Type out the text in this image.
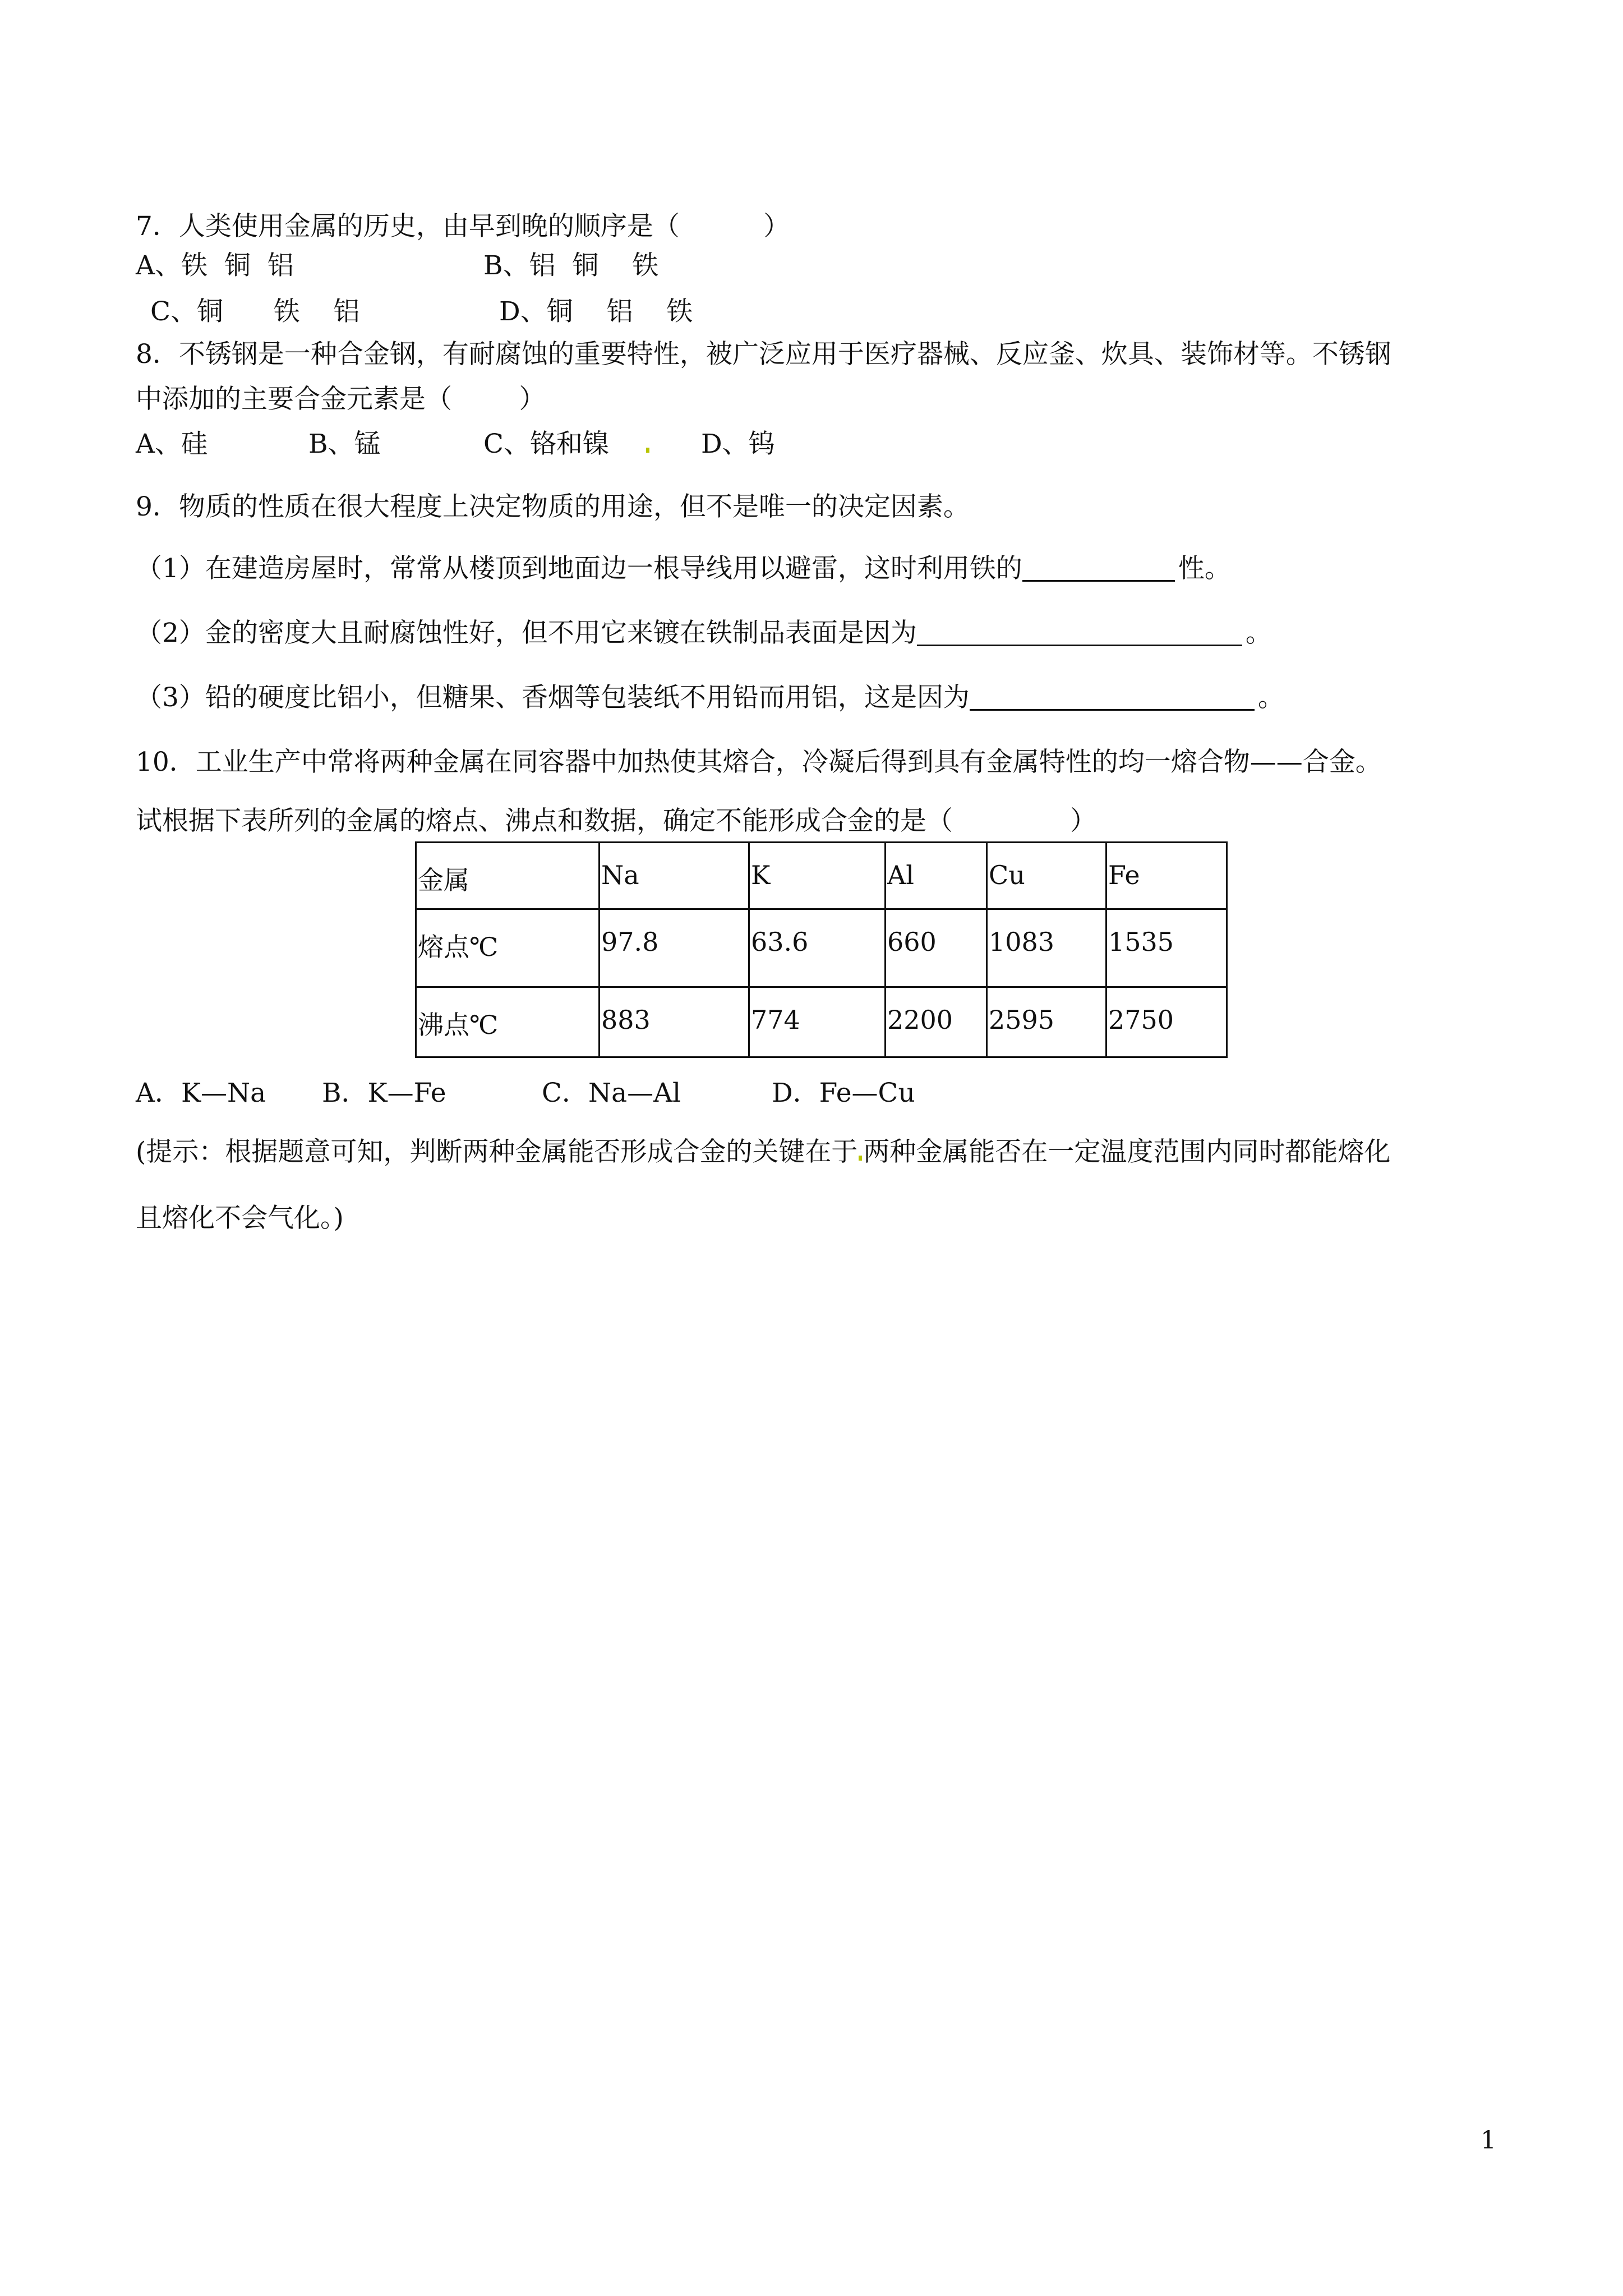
7．人类使用金属的历史，由早到晚的顺序是（          ）
A、铁  铜  铝	B、铝  铜    铁
C、铜      铁    铝	D、铜    铝    铁
8．不锈钢是一种合金钢，有耐腐蚀的重要特性，被广泛应用于医疗器械、反应釜、炊具、装饰材等。不锈钢
中添加的主要合金元素是（        ）
A、硅	B、锰	C、铬和镍	D、钨
9．物质的性质在很大程度上决定物质的用途，但不是唯一的决定因素。
（1）在建造房屋时，常常从楼顶到地面边一根导线用以避雷，这时利用铁的	性。
（2）金的密度大且耐腐蚀性好，但不用它来镀在铁制品表面是因为	。
（3）铅的硬度比铝小，但糖果、香烟等包装纸不用铅而用铝，这是因为	。
10．工业生产中常将两种金属在同容器中加热使其熔合，冷凝后得到具有金属特性的均一熔合物——合金。
试根据下表所列的金属的熔点、沸点和数据，确定不能形成合金的是（              ）
金属	Na	K	Al	Cu	Fe
熔点℃	97.8	63.6	660	1083	1535
沸点℃	883	774	2200	2595	2750
A．K—Na B．K—Fe	C．Na—Al	D．Fe—Cu
(提示：根据题意可知，判断两种金属能否形成合金的关键在于 两种金属能否在一定温度范围内同时都能熔化
且熔化不会气化。)
1
